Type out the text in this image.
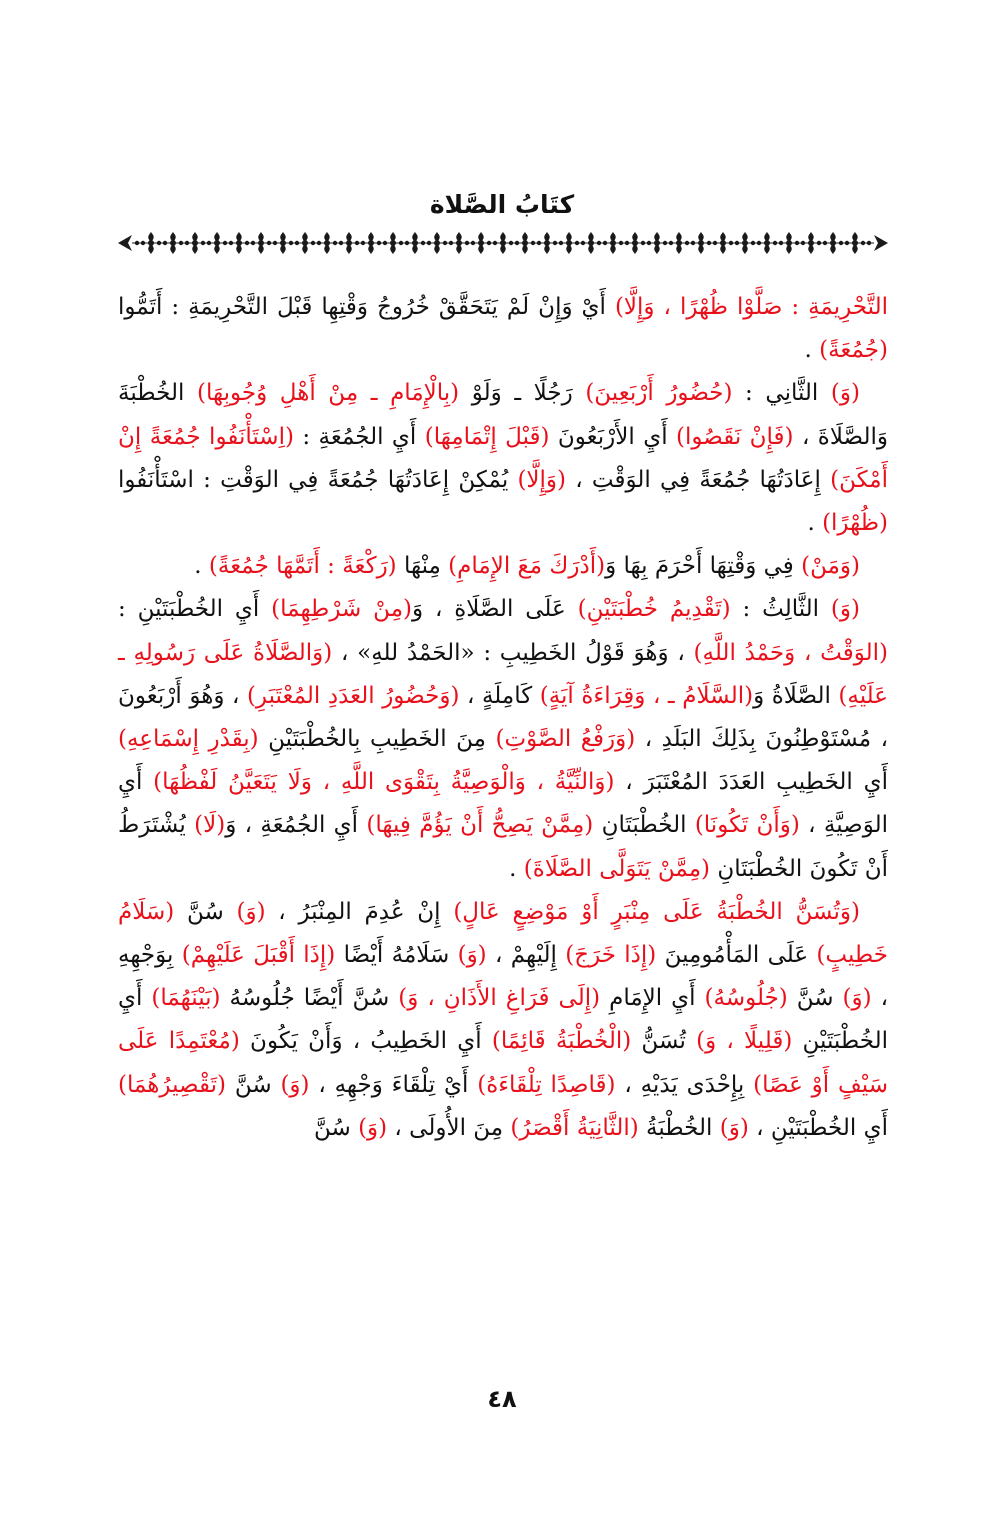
كتَابُ الصَّلاة

التَّحْرِيمَةِ : صَلَّوْا ظُهْرًا ، وَإِلَّا) أَيْ وَإِنْ لَمْ يَتَحَقَّقْ خُرُوجُ وَقْتِهِا قَبْلَ التَّحْرِيمَةِ : أَتَمُّوا (جُمُعَةً) .

(وَ) الثَّانِي : (حُضُورُ أَرْبَعِينَ) رَجُلًا ـ وَلَوْ (بِالْإِمَامِ ـ مِنْ أَهْلِ وُجُوبِهَا) الخُطْبَةَ وَالصَّلَاةَ ، (فَإِنْ نَقَصُوا) أَيِ الأَرْبَعُونَ (قَبْلَ إِتْمَامِهَا) أَيِ الجُمُعَةِ : (اِسْتَأْنَفُوا جُمُعَةً إِنْ أَمْكَنَ) إِعَادَتُهَا جُمُعَةً فِي الوَقْتِ ، (وَإِلَّا) يُمْكِنْ إِعَادَتُهَا جُمُعَةً فِي الوَقْتِ : اسْتَأْنَفُوا (ظُهْرًا) .

(وَمَنْ) فِي وَقْتِهَا أَحْرَمَ بِهَا وَ(أَدْرَكَ مَعَ الإِمَامِ) مِنْهَا (رَكْعَةً : أَتَمَّهَا جُمُعَةً) .

(وَ) الثَّالِثُ : (تَقْدِيمُ خُطْبَتَيْنِ) عَلَى الصَّلَاةِ ، وَ(مِنْ شَرْطِهِمَا) أَيِ الخُطْبَتَيْنِ : (الوَقْتُ ، وَحَمْدُ اللَّهِ) ، وَهُوَ قَوْلُ الخَطِيبِ : «الحَمْدُ للهِ» ، (وَالصَّلَاةُ عَلَى رَسُولِهِ ـ عَلَيْهِ) الصَّلَاةُ وَ(السَّلَامُ ـ ، وَقِرَاءَةُ آيَةٍ) كَامِلَةٍ ، (وَحُضُورُ العَدَدِ المُعْتَبَرِ) ، وَهُوَ أَرْبَعُونَ ، مُسْتَوْطِنُونَ بِذَلِكَ البَلَدِ ، (وَرَفْعُ الصَّوْتِ) مِنَ الخَطِيبِ بِالخُطْبَتَيْنِ (بِقَدْرِ إِسْمَاعِهِ) أَيِ الخَطِيبِ العَدَدَ المُعْتَبَرَ ، (وَالنِّيَّةُ ، وَالْوَصِيَّةُ بِتَقْوَى اللَّهِ ، وَلَا يَتَعَيَّنُ لَفْظُهَا) أَيِ الوَصِيَّةِ ، (وَأَنْ تَكُونَا) الخُطْبَتَانِ (مِمَّنْ يَصِحُّ أَنْ يَؤُمَّ فِيهَا) أَيِ الجُمُعَةِ ، وَ(لَا) يُشْتَرَطُ أَنْ تَكُونَ الخُطْبَتَانِ (مِمَّنْ يَتَوَلَّى الصَّلَاةَ) .

(وَتُسَنُّ الخُطْبَةُ عَلَى مِنْبَرٍ أَوْ مَوْضِعٍ عَالٍ) إِنْ عُدِمَ المِنْبَرُ ، (وَ) سُنَّ (سَلَامُ خَطِيبٍ) عَلَى المَأْمُومِينَ (إِذَا خَرَجَ) إِلَيْهِمْ ، (وَ) سَلَامُهُ أَيْضًا (إِذَا أَقْبَلَ عَلَيْهِمْ) بِوَجْهِهِ ، (وَ) سُنَّ (جُلُوسُهُ) أَيِ الإِمَامِ (إِلَى فَرَاغِ الأَذَانِ ، وَ) سُنَّ أَيْضًا جُلُوسُهُ (بَيْنَهُمَا) أَيِ الخُطْبَتَيْنِ (قَلِيلًا ، وَ) تُسَنُّ (الْخُطْبَةُ قَائِمًا) أَيِ الخَطِيبُ ، وَأَنْ يَكُونَ (مُعْتَمِدًا عَلَى سَيْفٍ أَوْ عَصًا) بِإِحْدَى يَدَيْهِ ، (قَاصِدًا تِلْقَاءَهُ) أَيْ تِلْقَاءَ وَجْهِهِ ، (وَ) سُنَّ (تَقْصِيرُهُمَا) أَيِ الخُطْبَتَيْنِ ، (وَ) الخُطْبَةُ (الثَّانِيَةُ أَقْصَرُ) مِنَ الأُولَى ، (وَ) سُنَّ

٤٨
